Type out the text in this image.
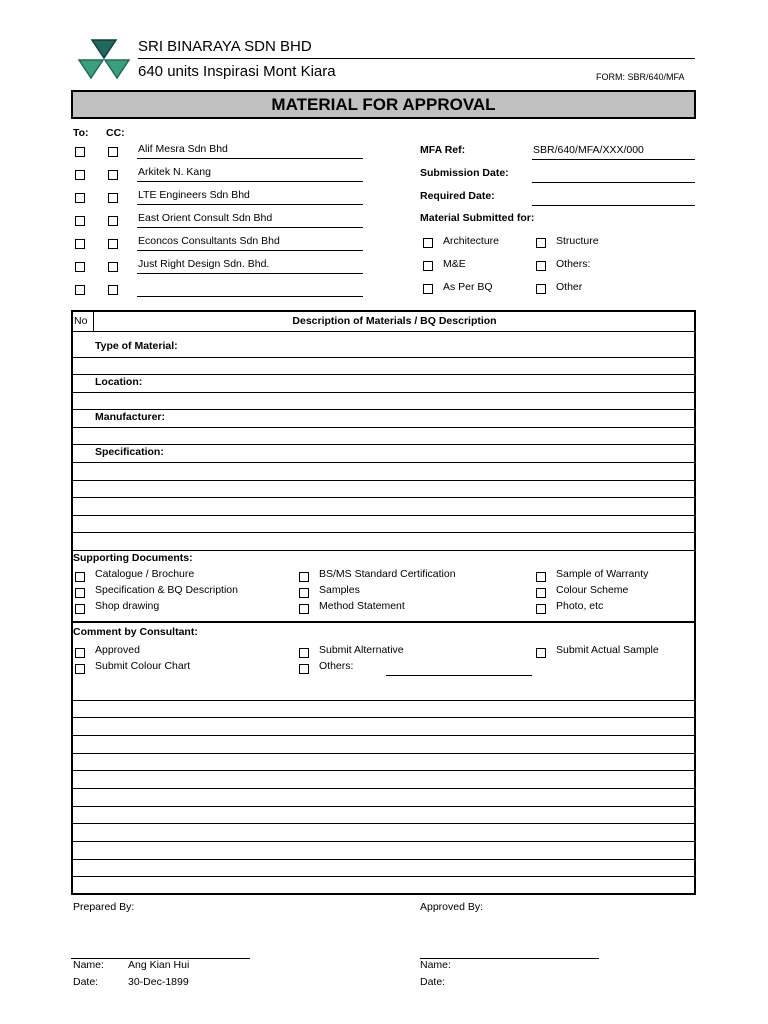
SRI BINARAYA SDN BHD
640 units Inspirasi Mont Kiara	FORM: SBR/640/MFA
MATERIAL FOR APPROVAL
To: CC:
Alif Mesra Sdn Bhd
Arkitek N. Kang
LTE Engineers Sdn Bhd
East Orient Consult Sdn Bhd
Econcos Consultants Sdn Bhd
Just Right Design Sdn. Bhd.
MFA Ref:	SBR/640/MFA/XXX/000
Submission Date:
Required Date:
Material Submitted for:
Architecture	Structure
M&E	Others:
As Per BQ	Other
No	Description of Materials / BQ Description
Type of Material:
Location:
Manufacturer:
Specification:
Supporting Documents:
Catalogue / Brochure	BS/MS Standard Certification	Sample of Warranty
Specification & BQ Description	Samples	Colour Scheme
Shop drawing	Method Statement	Photo, etc
Comment by Consultant:
Approved	Submit Alternative	Submit Actual Sample
Submit Colour Chart	Others:
Prepared By:	Approved By:
Name: Ang Kian Hui	Name:
Date:	30-Dec-1899	Date:
